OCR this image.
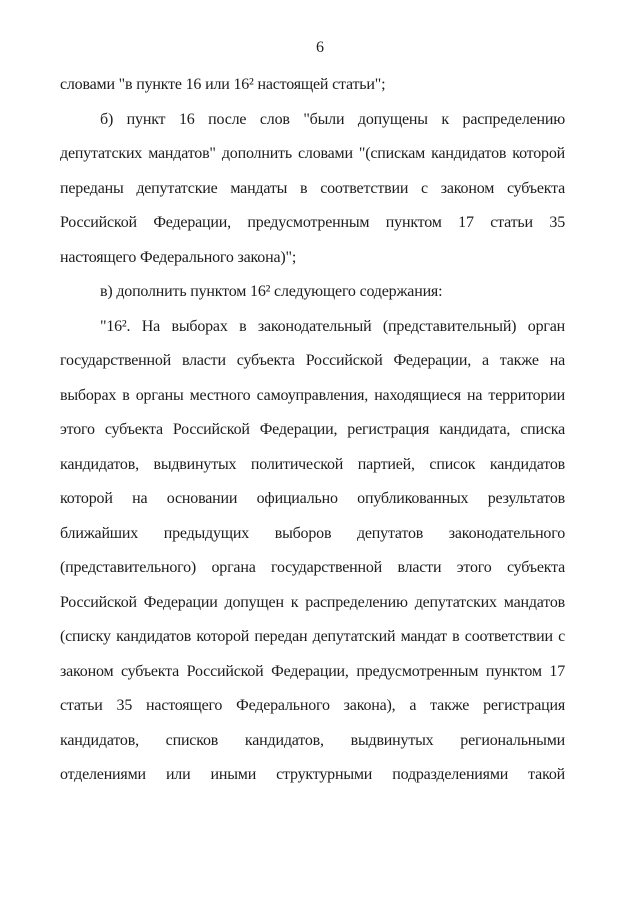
6
словами "в пункте 16 или 16² настоящей статьи";
б) пункт 16 после слов "были допущены к распределению
депутатских мандатов" дополнить словами "(спискам кандидатов которой
переданы депутатские мандаты в соответствии с законом субъекта
Российской Федерации, предусмотренным пунктом 17 статьи 35
настоящего Федерального закона)";
в) дополнить пунктом 16² следующего содержания:
"16². На выборах в законодательный (представительный) орган
государственной власти субъекта Российской Федерации, а также на
выборах в органы местного самоуправления, находящиеся на территории
этого субъекта Российской Федерации, регистрация кандидата, списка
кандидатов, выдвинутых политической партией, список кандидатов
которой на основании официально опубликованных результатов
ближайших предыдущих выборов депутатов законодательного
(представительного) органа государственной власти этого субъекта
Российской Федерации допущен к распределению депутатских мандатов
(списку кандидатов которой передан депутатский мандат в соответствии с
законом субъекта Российской Федерации, предусмотренным пунктом 17
статьи 35 настоящего Федерального закона), а также регистрация
кандидатов, списков кандидатов, выдвинутых региональными
отделениями или иными структурными подразделениями такой
